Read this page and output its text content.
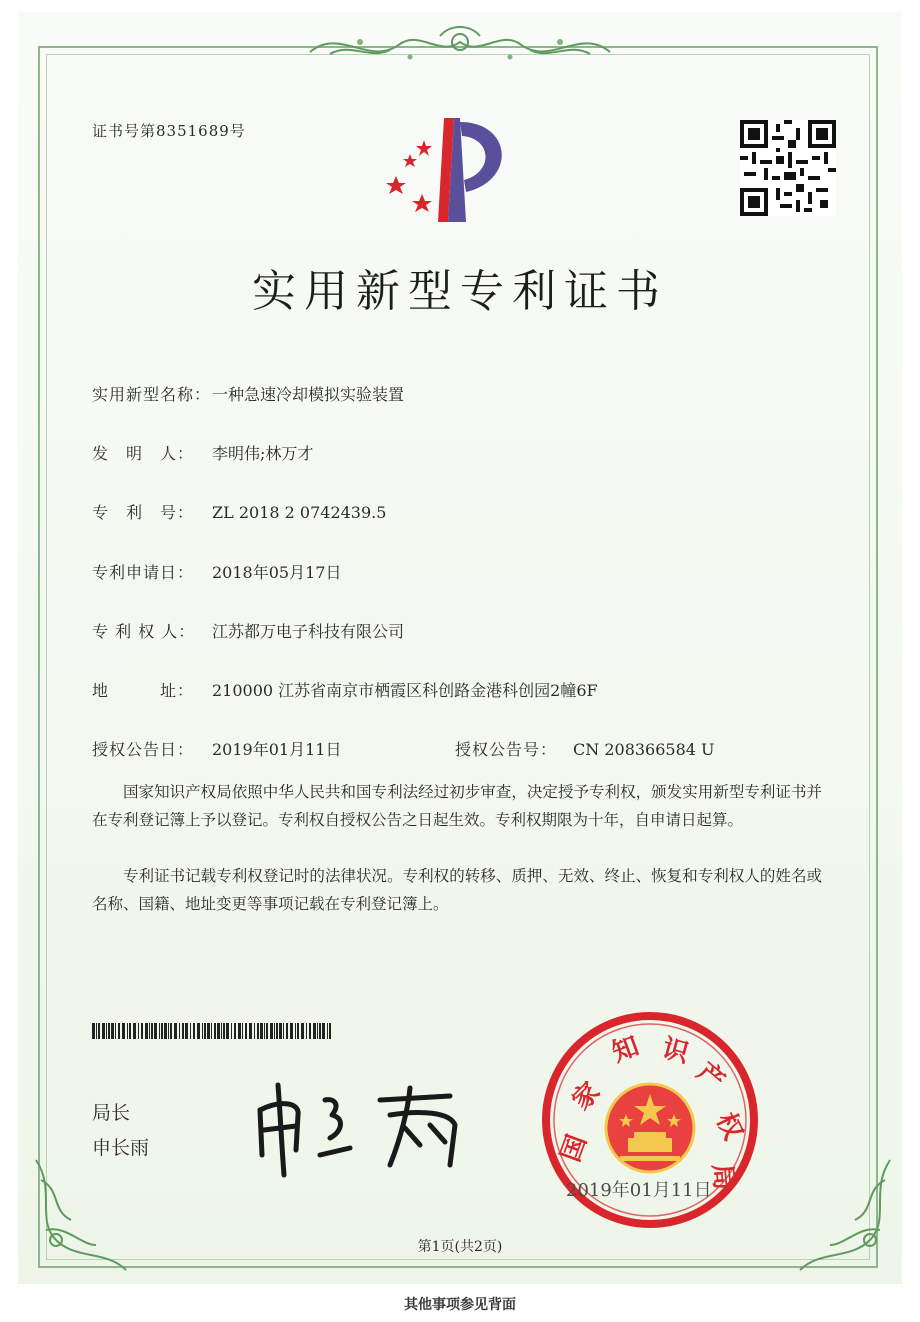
证书号第8351689号
实用新型专利证书
实用新型名称：一种急速冷却模拟实验装置
发　明　人： 李明伟;林万才
专　利　号： ZL 2018 2 0742439.5
专利申请日： 2018年05月17日
专 利 权 人： 江苏都万电子科技有限公司
地　　　址： 210000 江苏省南京市栖霞区科创路金港科创园2幢6F
授权公告日： 2019年01月11日	授权公告号： CN 208366584 U
国家知识产权局依照中华人民共和国专利法经过初步审查，决定授予专利权，颁发实用新型专利证书并在专利登记簿上予以登记。专利权自授权公告之日起生效。专利权期限为十年，自申请日起算。
专利证书记载专利权登记时的法律状况。专利权的转移、质押、无效、终止、恢复和专利权人的姓名或名称、国籍、地址变更等事项记载在专利登记簿上。
局长
申长雨	国
家
知 识
产
权
局
2019年01月11日
第1页(共2页)
其他事项参见背面
